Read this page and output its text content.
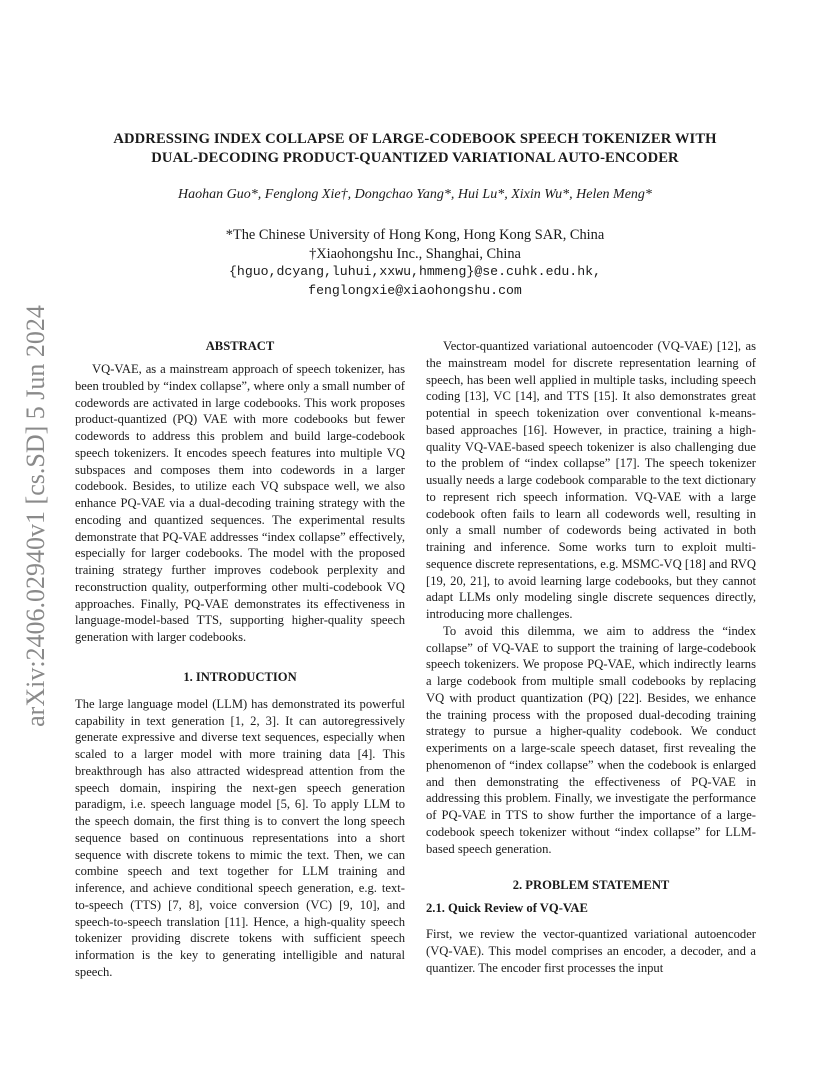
arXiv:2406.02940v1 [cs.SD] 5 Jun 2024
ADDRESSING INDEX COLLAPSE OF LARGE-CODEBOOK SPEECH TOKENIZER WITH
DUAL-DECODING PRODUCT-QUANTIZED VARIATIONAL AUTO-ENCODER
Haohan Guo*, Fenglong Xie†, Dongchao Yang*, Hui Lu*, Xixin Wu*, Helen Meng*
*The Chinese University of Hong Kong, Hong Kong SAR, China
†Xiaohongshu Inc., Shanghai, China
{hguo,dcyang,luhui,xxwu,hmmeng}@se.cuhk.edu.hk,
fenglongxie@xiaohongshu.com
ABSTRACT

VQ-VAE, as a mainstream approach of speech tokenizer, has been troubled by “index collapse”, where only a small number of codewords are activated in large codebooks. This work proposes product-quantized (PQ) VAE with more codebooks but fewer codewords to address this problem and build large-codebook speech tokenizers. It encodes speech features into multiple VQ subspaces and composes them into codewords in a larger codebook. Besides, to utilize each VQ subspace well, we also enhance PQ-VAE via a dual-decoding training strategy with the encoding and quantized sequences. The experimental results demonstrate that PQ-VAE addresses “index collapse” effectively, especially for larger codebooks. The model with the proposed training strategy further improves codebook perplexity and reconstruction quality, outperforming other multi-codebook VQ approaches. Finally, PQ-VAE demonstrates its effectiveness in language-model-based TTS, supporting higher-quality speech generation with larger codebooks.

1. INTRODUCTION

The large language model (LLM) has demonstrated its powerful capability in text generation [1, 2, 3]. It can autoregressively generate expressive and diverse text sequences, especially when scaled to a larger model with more training data [4]. This breakthrough has also attracted widespread attention from the speech domain, inspiring the next-gen speech generation paradigm, i.e. speech language model [5, 6]. To apply LLM to the speech domain, the first thing is to convert the long speech sequence based on continuous representations into a short sequence with discrete tokens to mimic the text. Then, we can combine speech and text together for LLM training and inference, and achieve conditional speech generation, e.g. text-to-speech (TTS) [7, 8], voice conversion (VC) [9, 10], and speech-to-speech translation [11]. Hence, a high-quality speech tokenizer providing discrete tokens with sufficient speech information is the key to generating intelligible and natural speech.

Vector-quantized variational autoencoder (VQ-VAE) [12], as the mainstream model for discrete representation learning of speech, has been well applied in multiple tasks, including speech coding [13], VC [14], and TTS [15]. It also demonstrates great potential in speech tokenization over conventional k-means-based approaches [16]. However, in practice, training a high-quality VQ-VAE-based speech tokenizer is also challenging due to the problem of “index collapse” [17]. The speech tokenizer usually needs a large codebook comparable to the text dictionary to represent rich speech information. VQ-VAE with a large codebook often fails to learn all codewords well, resulting in only a small number of codewords being activated in both training and inference. Some works turn to exploit multi-sequence discrete representations, e.g. MSMC-VQ [18] and RVQ [19, 20, 21], to avoid learning large codebooks, but they cannot adapt LLMs only modeling single discrete sequences directly, introducing more challenges.

To avoid this dilemma, we aim to address the “index collapse” of VQ-VAE to support the training of large-codebook speech tokenizers. We propose PQ-VAE, which indirectly learns a large codebook from multiple small codebooks by replacing VQ with product quantization (PQ) [22]. Besides, we enhance the training process with the proposed dual-decoding training strategy to pursue a higher-quality codebook. We conduct experiments on a large-scale speech dataset, first revealing the phenomenon of “index collapse” when the codebook is enlarged and then demonstrating the effectiveness of PQ-VAE in addressing this problem. Finally, we investigate the performance of PQ-VAE in TTS to show further the importance of a large-codebook speech tokenizer without “index collapse” for LLM-based speech generation.

2. PROBLEM STATEMENT
2.1. Quick Review of VQ-VAE

First, we review the vector-quantized variational autoencoder (VQ-VAE). This model comprises an encoder, a decoder, and a quantizer. The encoder first processes the input
